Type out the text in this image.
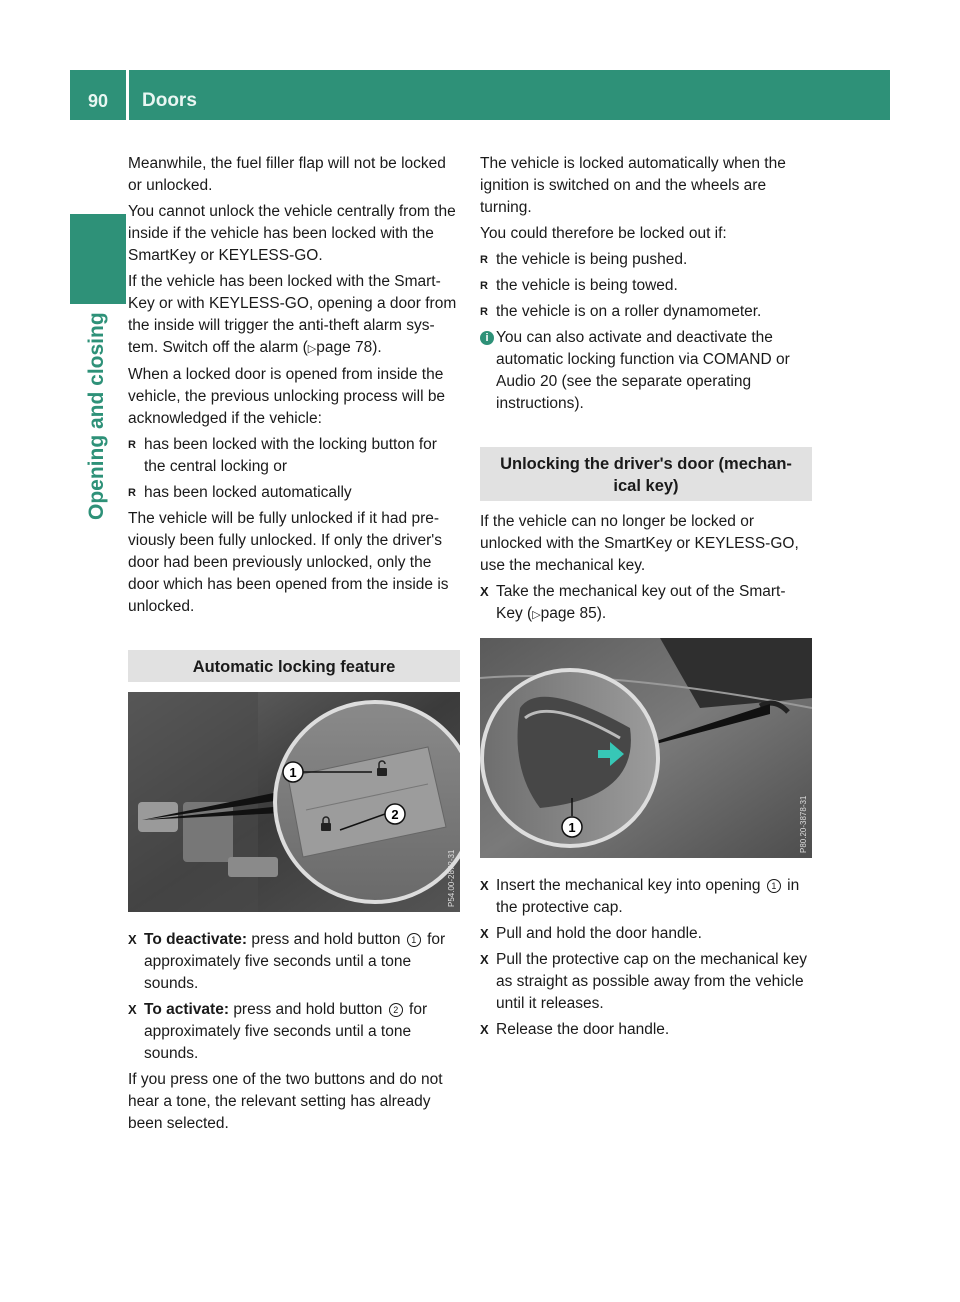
90	Doors
Opening and closing

Meanwhile, the fuel filler flap will not be locked or unlocked.

You cannot unlock the vehicle centrally from the inside if the vehicle has been locked with the SmartKey or KEYLESS-GO.

If the vehicle has been locked with the Smart-Key or with KEYLESS-GO, opening a door from the inside will trigger the anti-theft alarm sys-tem. Switch off the alarm (▷page 78).

When a locked door is opened from inside the vehicle, the previous unlocking process will be acknowledged if the vehicle:

R has been locked with the locking button for the central locking or
R has been locked automatically

The vehicle will be fully unlocked if it had pre-viously been fully unlocked. If only the driver's door had been previously unlocked, only the door which has been opened from the inside is unlocked.

Automatic locking feature
1
2
P54.00-2872-31
X To deactivate: press and hold button 1 for approximately five seconds until a tone sounds.
X To activate: press and hold button 2 for approximately five seconds until a tone sounds.

If you press one of the two buttons and do not hear a tone, the relevant setting has already been selected.

The vehicle is locked automatically when the ignition is switched on and the wheels are turning.

You could therefore be locked out if:

R the vehicle is being pushed.
R the vehicle is being towed.
R the vehicle is on a roller dynamometer.
i You can also activate and deactivate the automatic locking function via COMAND or Audio 20 (see the separate operating instructions).
Unlocking the driver's door (mechan-ical key)

If the vehicle can no longer be locked or unlocked with the SmartKey or KEYLESS-GO, use the mechanical key.

X Take the mechanical key out of the Smart-Key (▷page 85).
1	P80.20-3878-31
X Insert the mechanical key into opening 1 in the protective cap.
X Pull and hold the door handle.
X Pull the protective cap on the mechanical key as straight as possible away from the vehicle until it releases.
X Release the door handle.
